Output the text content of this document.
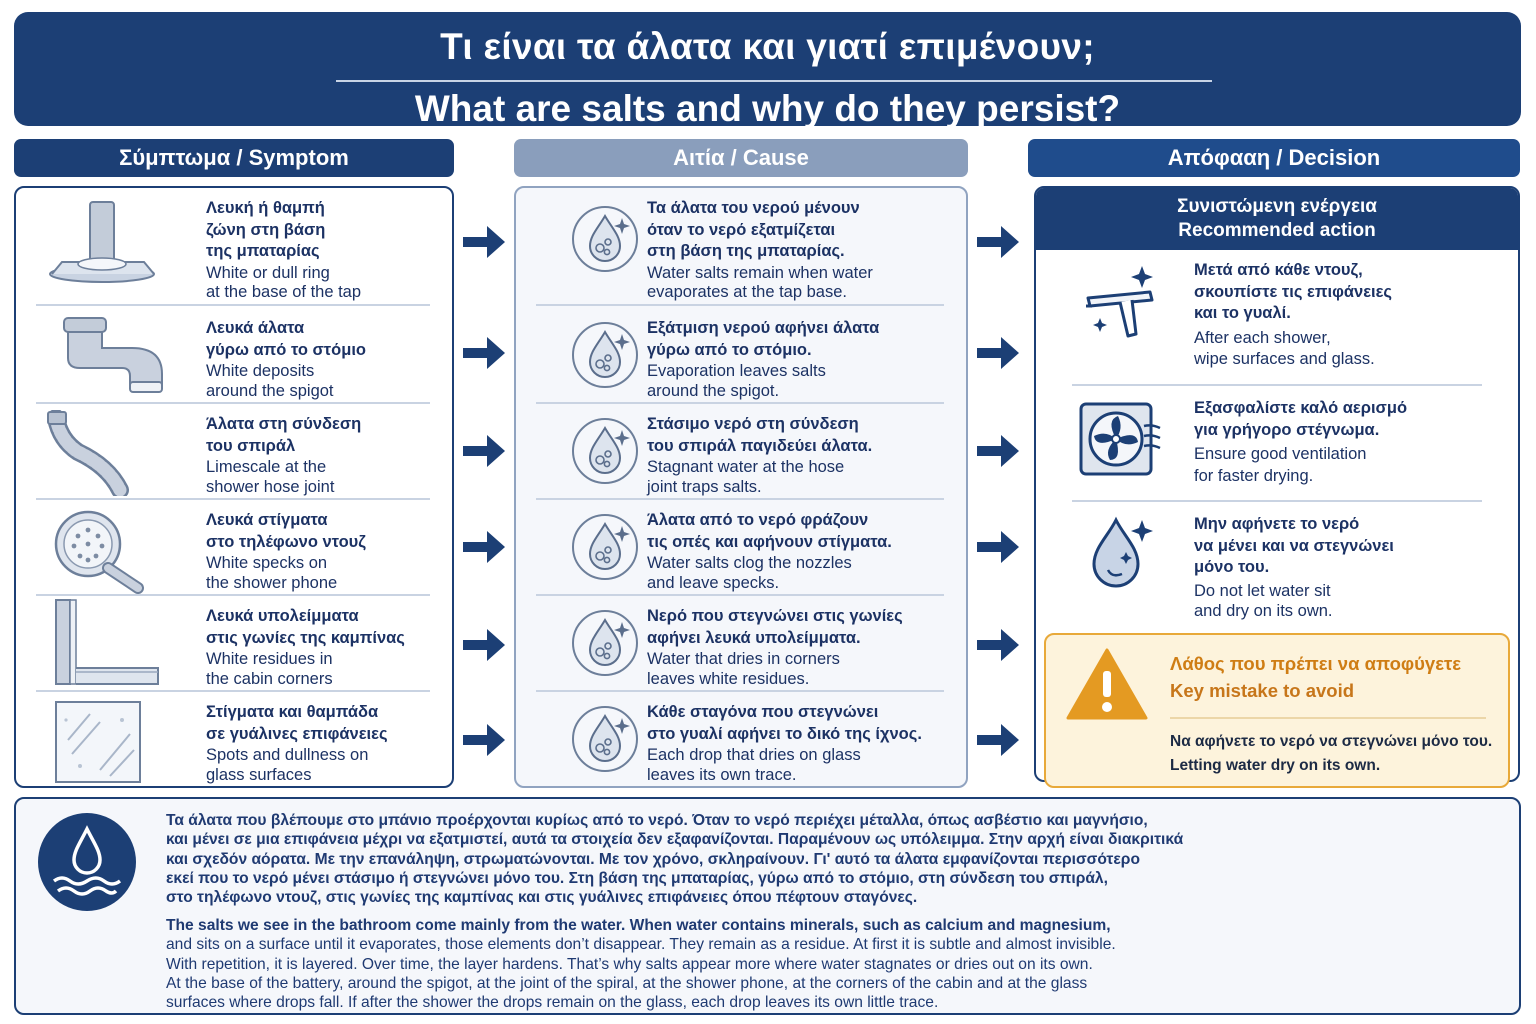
Τι είναι τα άλατα και γιατί επιμένουν;
What are salts and why do they persist?
Σύμπτωμα / Symptom	Αιτία / Cause	Απόφααη / Decision
Λευκή ή θαμπή
ζώνη στη βάση
της μπαταρίας
White or dull ring
at the base of the tap
Λευκά άλατα
γύρω από το στόμιο
White deposits
around the spigot
Άλατα στη σύνδεση
του σπιράλ
Limescale at the
shower hose joint
Λευκά στίγματα
στο τηλέφωνο ντουζ
White specks on
the shower phone
Λευκά υπολείμματα
στις γωνίες της καμπίνας
White residues in
the cabin corners
Στίγματα και θαμπάδα
σε γυάλινες επιφάνειες
Spots and dullness on
glass surfaces
Τα άλατα του νερού μένουν
όταν το νερό εξατμίζεται
στη βάση της μπαταρίας.
Water salts remain when water
evaporates at the tap base.
Εξάτμιση νερού αφήνει άλατα
γύρω από το στόμιο.
Evaporation leaves salts
around the spigot.
Στάσιμο νερό στη σύνδεση
του σπιράλ παγιδεύει άλατα.
Stagnant water at the hose
joint traps salts.
Άλατα από το νερό φράζουν
τις οπές και αφήνουν στίγματα.
Water salts clog the nozzles
and leave specks.
Νερό που στεγνώνει στις γωνίες
αφήνει λευκά υπολείμματα.
Water that dries in corners
leaves white residues.
Κάθε σταγόνα που στεγνώνει
στο γυαλί αφήνει το δικό της ίχνος.
Each drop that dries on glass
leaves its own trace.
Συνιστώμενη ενέργεια
Recommended action
Μετά από κάθε ντουζ,
σκουπίστε τις επιφάνειες
και το γυαλί.
After each shower,
wipe surfaces and glass.
Εξασφαλίστε καλό αερισμό
για γρήγορο στέγνωμα.
Ensure good ventilation
for faster drying.
Μην αφήνετε το νερό
να μένει και να στεγνώνει
μόνο του.
Do not let water sit
and dry on its own.
Λάθος που πρέπει να αποφύγετε
Key mistake to avoid
Να αφήνετε το νερό να στεγνώνει μόνο του.
Letting water dry on its own.
Τα άλατα που βλέπουμε στο μπάνιο προέρχονται κυρίως από το νερό. Όταν το νερό περιέχει μέταλλα, όπως ασβέστιο και μαγνήσιο,
και μένει σε μια επιφάνεια μέχρι να εξατμιστεί, αυτά τα στοιχεία δεν εξαφανίζονται. Παραμένουν ως υπόλειμμα. Στην αρχή είναι διακριτικά
και σχεδόν αόρατα. Με την επανάληψη, στρωματώνονται. Με τον χρόνο, σκληραίνουν. Γι' αυτό τα άλατα εμφανίζονται περισσότερο
εκεί που το νερό μένει στάσιμο ή στεγνώνει μόνο του. Στη βάση της μπαταρίας, γύρω από το στόμιο, στη σύνδεση του σπιράλ,
στο τηλέφωνο ντουζ, στις γωνίες της καμπίνας και στις γυάλινες επιφάνειες όπου πέφτουν σταγόνες.
The salts we see in the bathroom come mainly from the water. When water contains minerals, such as calcium and magnesium,
and sits on a surface until it evaporates, those elements don’t disappear. They remain as a residue. At first it is subtle and almost invisible.
With repetition, it is layered. Over time, the layer hardens. That’s why salts appear more where water stagnates or dries out on its own.
At the base of the battery, around the spigot, at the joint of the spiral, at the shower phone, at the corners of the cabin and at the glass
surfaces where drops fall. If after the shower the drops remain on the glass, each drop leaves its own little trace.
